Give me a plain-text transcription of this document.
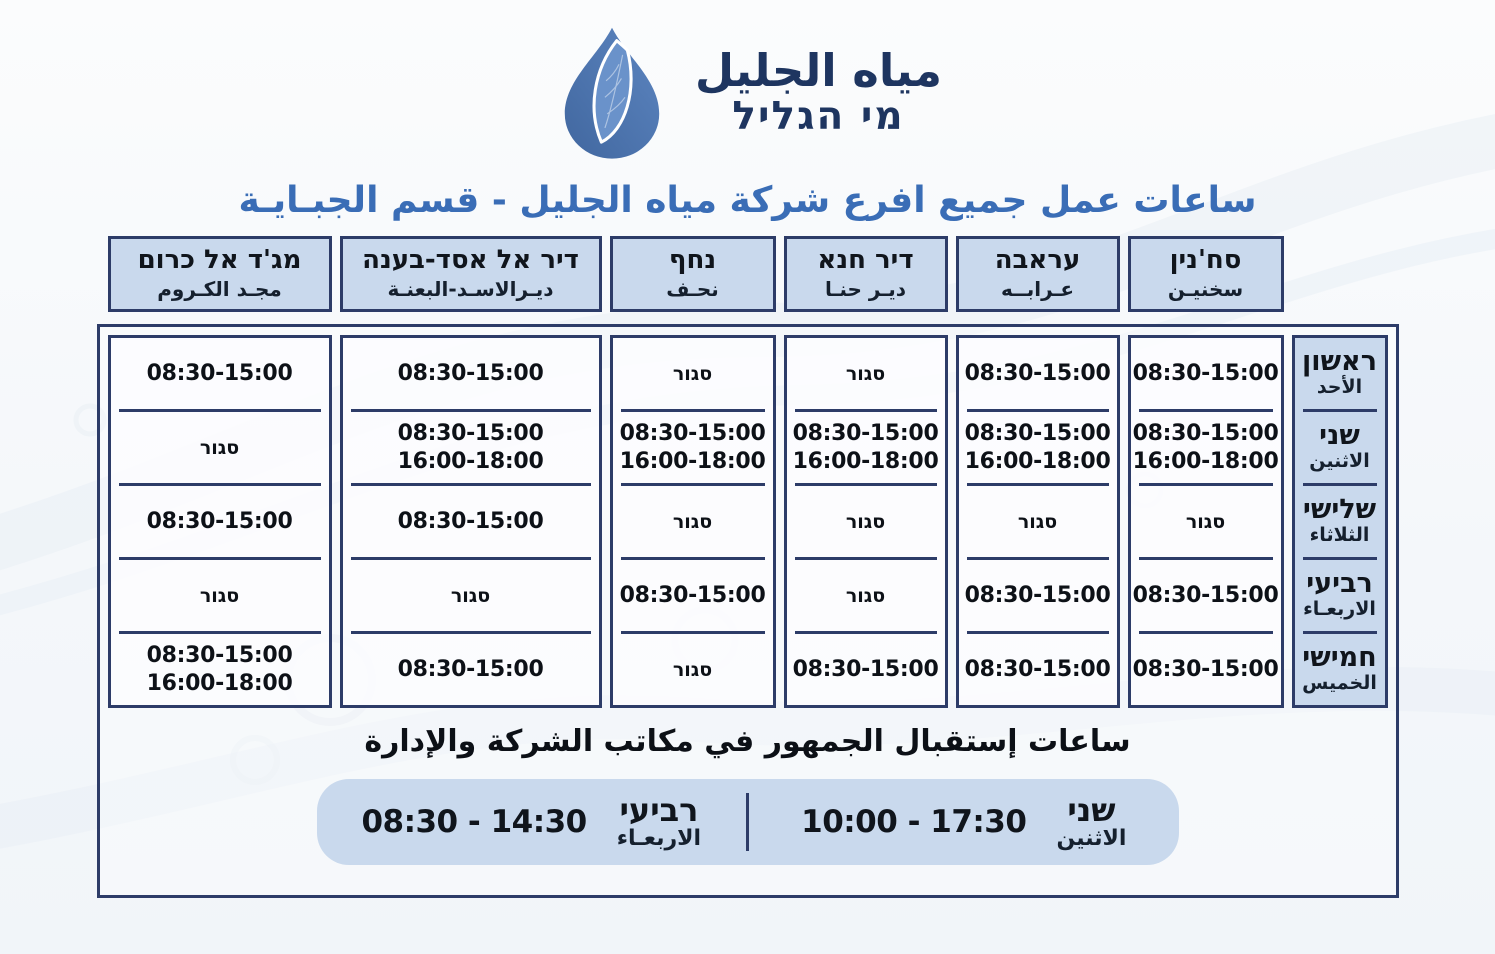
مياه الجليل
מי הגליל
ساعات عمل جميع افرع شركة مياه الجليل - قسم الجبـايـة
סח'נין
سخنيـن
עראבה
عـرابــه
דיר חנא
ديـر حنـا
נחף
نحـف
דיר אל אסד-בענה
ديـرالاسـد-البعنـة
מג'ד אל כרום
مجـد الكـروم
ראשון
الأحد
שני
الاثنين
שלישי
الثلاثاء
רביעי
الاربعـاء
חמישי
الخميس
08:30-15:00
08:30-15:00
16:00-18:00
סגור
08:30-15:00
08:30-15:00
08:30-15:00
08:30-15:00
16:00-18:00
סגור
08:30-15:00
08:30-15:00
סגור
08:30-15:00
16:00-18:00
סגור
סגור
08:30-15:00
סגור
08:30-15:00
16:00-18:00
סגור
08:30-15:00
סגור
08:30-15:00
08:30-15:00
16:00-18:00
08:30-15:00
סגור
08:30-15:00
08:30-15:00
סגור
08:30-15:00
סגור
08:30-15:00
16:00-18:00
ساعات إستقبال الجمهور في مكاتب الشركة والإدارة
שני
الاثنين
10:00 - 17:30
רביעי
الاربعـاء
08:30 - 14:30
